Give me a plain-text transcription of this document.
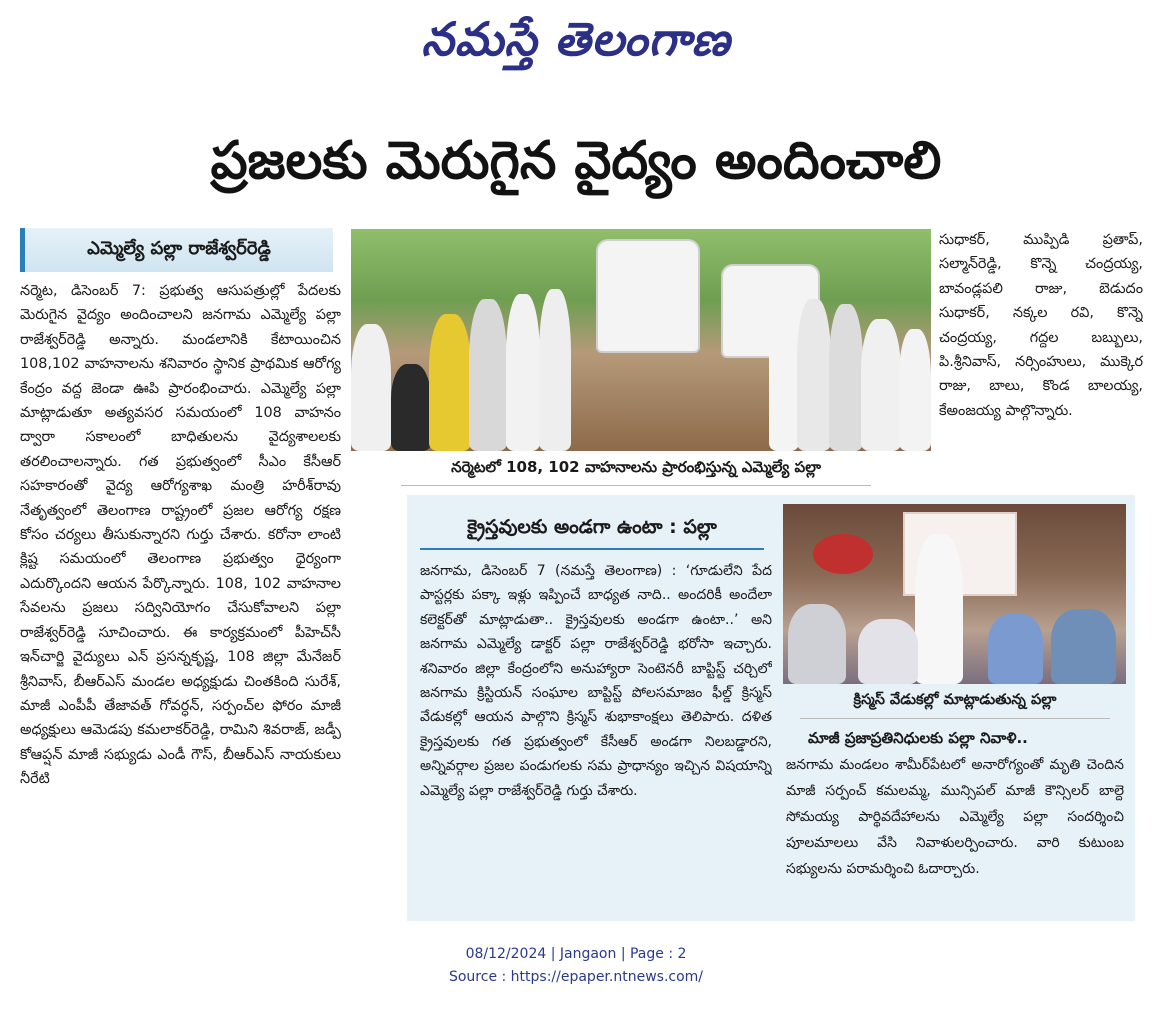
నమస్తే తెలంగాణ
ప్రజలకు మెరుగైన వైద్యం అందించాలి
ఎమ్మెల్యే పల్లా రాజేశ్వర్‌రెడ్డి
నర్మెట, డిసెంబర్ 7: ప్రభుత్వ ఆసుపత్రుల్లో పేదలకు మెరుగైన వైద్యం అందించాలని జనగామ ఎమ్మెల్యే పల్లా రాజేశ్వర్‌రెడ్డి అన్నారు. మండలానికి కేటాయించిన 108,102 వాహనాలను శనివారం స్థానిక ప్రాథమిక ఆరోగ్య కేంద్రం వద్ద జెండా ఊపి ప్రారంభించారు. ఎమ్మెల్యే పల్లా మాట్లాడుతూ అత్యవసర సమయంలో 108 వాహనం ద్వారా సకాలంలో బాధితులను వైద్యశాలలకు తరలించాలన్నారు. గత ప్రభుత్వంలో సీఎం కేసీఆర్ సహకారంతో వైద్య ఆరోగ్యశాఖ మంత్రి హరీశ్‌రావు నేతృత్వంలో తెలంగాణ రాష్ట్రంలో ప్రజల ఆరోగ్య రక్షణ కోసం చర్యలు తీసుకున్నారని గుర్తు చేశారు. కరోనా లాంటి క్లిష్ట సమయంలో తెలంగాణ ప్రభుత్వం ధైర్యంగా ఎదుర్కొందని ఆయన పేర్కొన్నారు. 108, 102 వాహనాల సేవలను ప్రజలు సద్వినియోగం చేసుకోవాలని పల్లా రాజేశ్వర్‌రెడ్డి సూచించారు. ఈ కార్యక్రమంలో పీహెచ్‌సీ ఇన్‌చార్జి వైద్యులు ఎన్ ప్రసన్నకృష్ణ, 108 జిల్లా మేనేజర్ శ్రీనివాస్, బీఆర్‌ఎస్ మండల అధ్యక్షుడు చింతకింది సురేశ్, మాజీ ఎంపీపీ తేజావత్ గోవర్ధన్, సర్పంచ్‌ల ఫోరం మాజీ అధ్యక్షులు ఆమెడపు కమలాకర్‌రెడ్డి, రామిని శివరాజ్, జడ్పీ కోఆప్షన్ మాజీ సభ్యుడు ఎండీ గౌస్, బీఆర్‌ఎస్ నాయకులు నీరేటి
నర్మెటలో 108, 102 వాహనాలను ప్రారంభిస్తున్న ఎమ్మెల్యే పల్లా
సుధాకర్, ముప్పిడి ప్రతాప్, సల్మాన్‌రెడ్డి, కొన్నె చంద్రయ్య, బావండ్లపలి రాజు, బెడుదం సుధాకర్, నక్కల రవి, కొన్నె చంద్రయ్య, గద్దల బబ్బులు, పి.శ్రీనివాస్, నర్సింహులు, ముక్కెర రాజు, బాలు, కొండ బాలయ్య, కేఅంజయ్య పాల్గొన్నారు.
క్రైస్తవులకు అండగా ఉంటా : పల్లా
జనగామ, డిసెంబర్ 7 (నమస్తే తెలంగాణ) : ‘గూడులేని పేద పాస్టర్లకు పక్కా ఇళ్లు ఇప్పించే బాధ్యత నాది.. అందరికీ అందేలా కలెక్టర్‌తో మాట్లాడుతా.. క్రైస్తవులకు అండగా ఉంటా..’ అని జనగామ ఎమ్మెల్యే డాక్టర్ పల్లా రాజేశ్వర్‌రెడ్డి భరోసా ఇచ్చారు. శనివారం జిల్లా కేంద్రంలోని అనుహ్యారా సెంటెనరీ బాప్టిస్ట్ చర్చిలో జనగామ క్రిస్టియన్ సంఘాల బాప్టిస్ట్ పోలసమాజం ఫీల్డ్ క్రిస్మస్ వేడుకల్లో ఆయన పాల్గొని క్రిస్మస్ శుభాకాంక్షలు తెలిపారు. దళిత క్రైస్తవులకు గత ప్రభుత్వంలో కేసీఆర్ అండగా నిలబడ్డారని, అన్నివర్గాల ప్రజల పండుగలకు సమ ప్రాధాన్యం ఇచ్చిన విషయాన్ని ఎమ్మెల్యే పల్లా రాజేశ్వర్‌రెడ్డి గుర్తు చేశారు.
క్రిస్మస్ వేడుకల్లో మాట్లాడుతున్న పల్లా
మాజీ ప్రజాప్రతినిధులకు పల్లా నివాళి..
జనగామ మండలం శామీర్‌పేటలో అనారోగ్యంతో మృతి చెందిన మాజీ సర్పంచ్ కమలమ్మ, మున్సిపల్ మాజీ కౌన్సిలర్ బాల్దె సోమయ్య పార్థివదేహాలను ఎమ్మెల్యే పల్లా సందర్శించి పూలమాలలు వేసి నివాళులర్పించారు. వారి కుటుంబ సభ్యులను పరామర్శించి ఓదార్చారు.
08/12/2024 | Jangaon | Page : 2
Source : https://epaper.ntnews.com/
